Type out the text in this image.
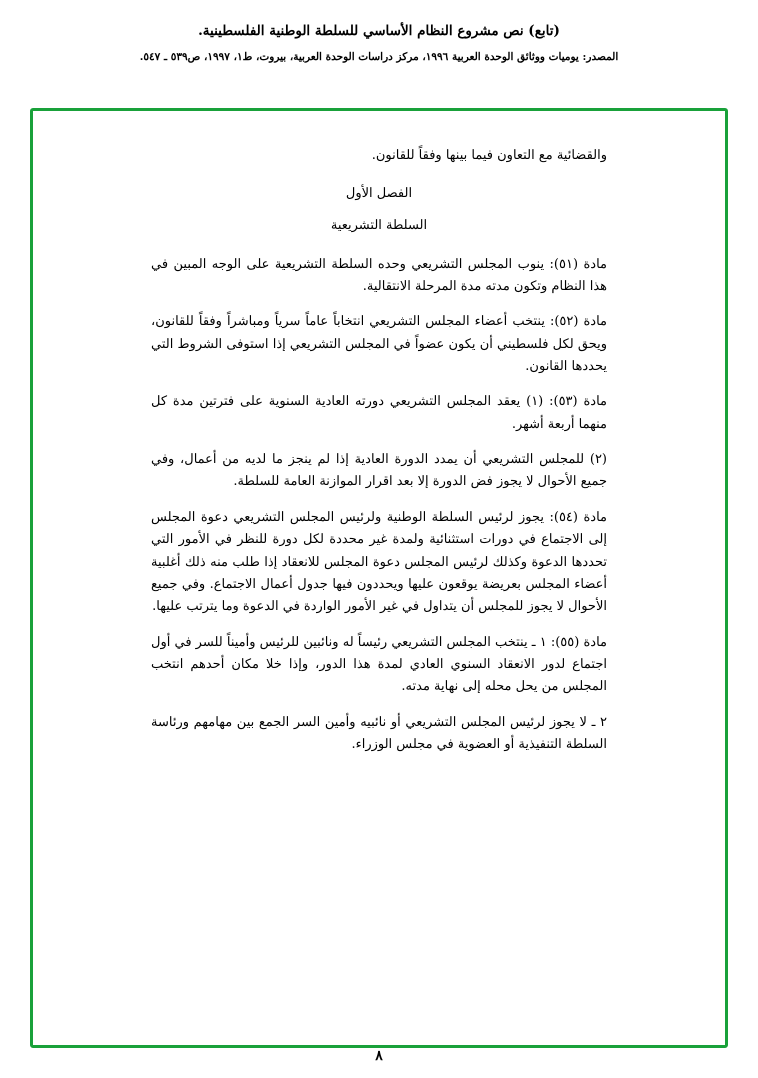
(تابع) نص مشروع النظام الأساسي للسلطة الوطنية الفلسطينية.
المصدر: يوميات ووثائق الوحدة العربية ١٩٩٦، مركز دراسات الوحدة العربية، بيروت، ط١، ١٩٩٧، ص٥٣٩ ـ ٥٤٧.
والقضائية مع التعاون فيما بينها وفقاً للقانون.
الفصل الأول
السلطة التشريعية
مادة (٥١): ينوب المجلس التشريعي وحده السلطة التشريعية على الوجه المبين في هذا النظام وتكون مدته مدة المرحلة الانتقالية.
مادة (٥٢): ينتخب أعضاء المجلس التشريعي انتخاباً عاماً سرياً ومباشراً وفقاً للقانون، ويحق لكل فلسطيني أن يكون عضواً في المجلس التشريعي إذا استوفى الشروط التي يحددها القانون.
مادة (٥٣): (١) يعقد المجلس التشريعي دورته العادية السنوية على فترتين مدة كل منهما أربعة أشهر.
(٢) للمجلس التشريعي أن يمدد الدورة العادية إذا لم ينجز ما لديه من أعمال، وفي جميع الأحوال لا يجوز فض الدورة إلا بعد اقرار الموازنة العامة للسلطة.
مادة (٥٤): يجوز لرئيس السلطة الوطنية ولرئيس المجلس التشريعي دعوة المجلس إلى الاجتماع في دورات استثنائية ولمدة غير محددة لكل دورة للنظر في الأمور التي تحددها الدعوة وكذلك لرئيس المجلس دعوة المجلس للانعقاد إذا طلب منه ذلك أغلبية أعضاء المجلس بعريضة يوقعون عليها ويحددون فيها جدول أعمال الاجتماع. وفي جميع الأحوال لا يجوز للمجلس أن يتداول في غير الأمور الواردة في الدعوة وما يترتب عليها.
مادة (٥٥): ١ ـ ينتخب المجلس التشريعي رئيساً له ونائبين للرئيس وأميناً للسر في أول اجتماع لدور الانعقاد السنوي العادي لمدة هذا الدور، وإذا خلا مكان أحدهم انتخب المجلس من يحل محله إلى نهاية مدته.
٢ ـ لا يجوز لرئيس المجلس التشريعي أو نائبيه وأمين السر الجمع بين مهامهم ورئاسة السلطة التنفيذية أو العضوية في مجلس الوزراء.
٨
